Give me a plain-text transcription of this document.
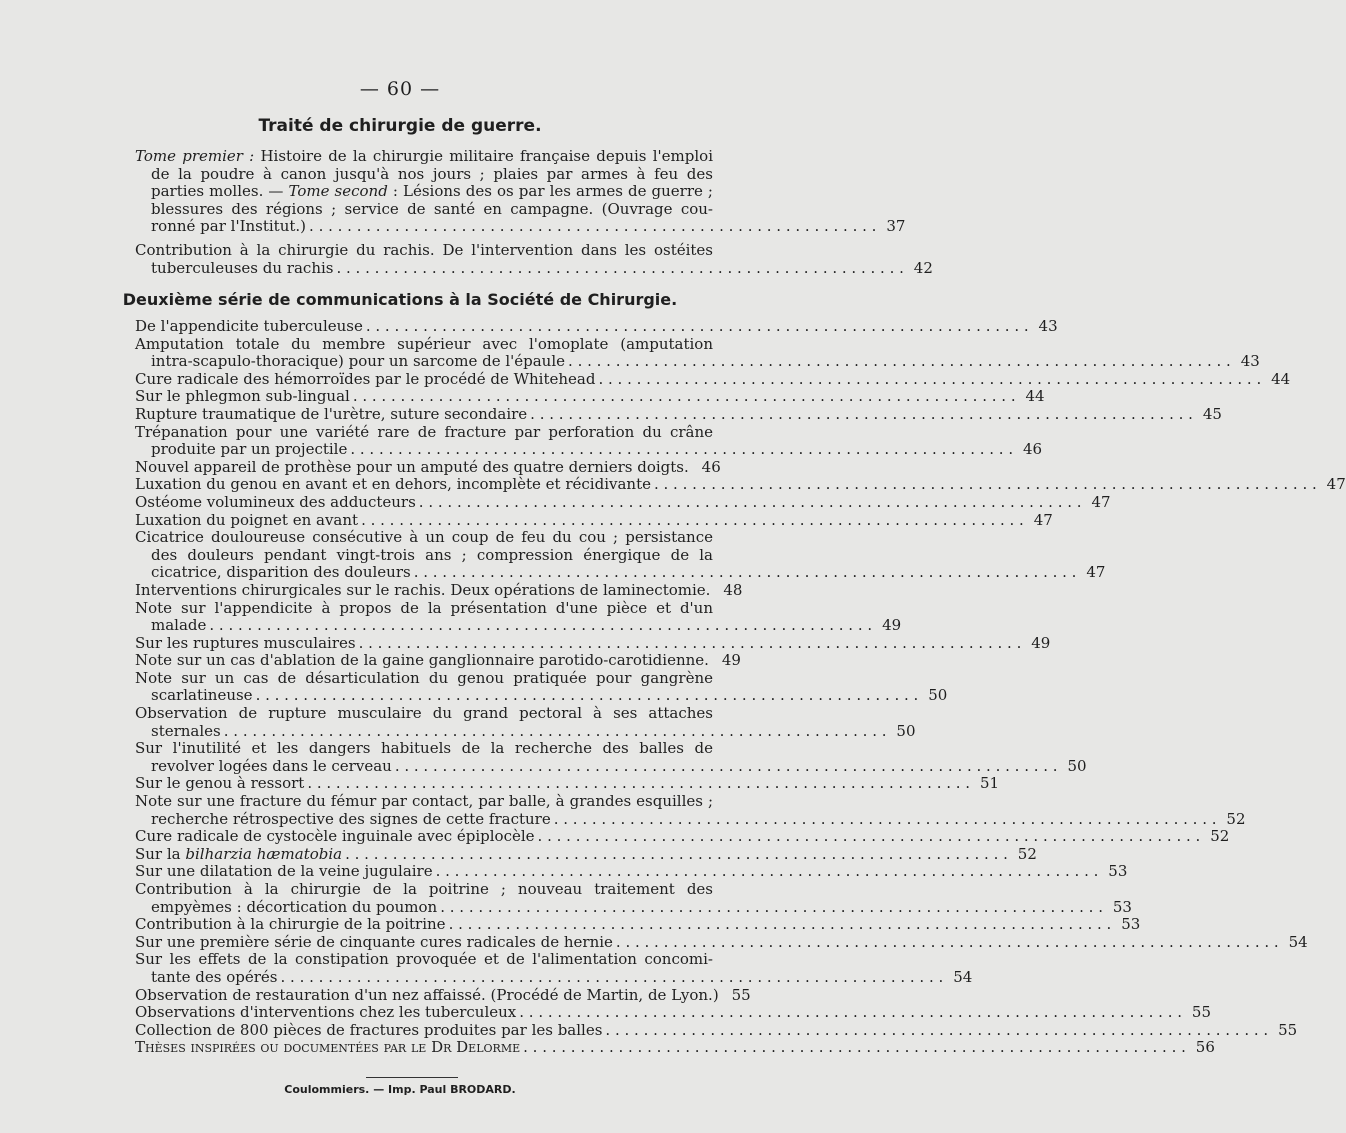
— 60 —
Traité de chirurgie de guerre.
Tome premier : Histoire de la chirurgie militaire française depuis l'emploi
de la poudre à canon jusqu'à nos jours ; plaies par armes à feu des
parties molles. — Tome second : Lésions des os par les armes de guerre ;
blessures des régions ; service de santé en campagne. (Ouvrage cou-
ronné par l'Institut.) . . . . . . . . . . . . . . . . . . . . . . . . . . . . . . . . . . . . . . . . . . . . . . . . . . . . . . . . . . . . 37
Contribution à la chirurgie du rachis. De l'intervention dans les ostéites
tuberculeuses du rachis . . . . . . . . . . . . . . . . . . . . . . . . . . . . . . . . . . . . . . . . . . . . . . . . . . . . . . . . . . . . 42
Deuxième série de communications à la Société de Chirurgie.
De l'appendicite tuberculeuse . . . . . . . . . . . . . . . . . . . . . . . . . . . . . . . . . . . . . . . . . . . . . . . . . . . . . . . . . . . . . . . . . . . . . . 43
Amputation totale du membre supérieur avec l'omoplate (amputation
intra-scapulo-thoracique) pour un sarcome de l'épaule . . . . . . . . . . . . . . . . . . . . . . . . . . . . . . . . . . . . . . . . . . . . . . . . . . . . . . . . . . . . . . . . . . . . . . 43
Cure radicale des hémorroïdes par le procédé de Whitehead . . . . . . . . . . . . . . . . . . . . . . . . . . . . . . . . . . . . . . . . . . . . . . . . . . . . . . . . . . . . . . . . . . . . . . 44
Sur le phlegmon sub-lingual . . . . . . . . . . . . . . . . . . . . . . . . . . . . . . . . . . . . . . . . . . . . . . . . . . . . . . . . . . . . . . . . . . . . . . 44
Rupture traumatique de l'urètre, suture secondaire . . . . . . . . . . . . . . . . . . . . . . . . . . . . . . . . . . . . . . . . . . . . . . . . . . . . . . . . . . . . . . . . . . . . . . 45
Trépanation pour une variété rare de fracture par perforation du crâne
produite par un projectile . . . . . . . . . . . . . . . . . . . . . . . . . . . . . . . . . . . . . . . . . . . . . . . . . . . . . . . . . . . . . . . . . . . . . . 46
Nouvel appareil de prothèse pour un amputé des quatre derniers doigts. 46
Luxation du genou en avant et en dehors, incomplète et récidivante . . . . . . . . . . . . . . . . . . . . . . . . . . . . . . . . . . . . . . . . . . . . . . . . . . . . . . . . . . . . . . . . . . . . . . 47
Ostéome volumineux des adducteurs . . . . . . . . . . . . . . . . . . . . . . . . . . . . . . . . . . . . . . . . . . . . . . . . . . . . . . . . . . . . . . . . . . . . . . 47
Luxation du poignet en avant . . . . . . . . . . . . . . . . . . . . . . . . . . . . . . . . . . . . . . . . . . . . . . . . . . . . . . . . . . . . . . . . . . . . . . 47
Cicatrice douloureuse consécutive à un coup de feu du cou ; persistance
des douleurs pendant vingt-trois ans ; compression énergique de la
cicatrice, disparition des douleurs . . . . . . . . . . . . . . . . . . . . . . . . . . . . . . . . . . . . . . . . . . . . . . . . . . . . . . . . . . . . . . . . . . . . . . 47
Interventions chirurgicales sur le rachis. Deux opérations de laminectomie. 48
Note sur l'appendicite à propos de la présentation d'une pièce et d'un
malade . . . . . . . . . . . . . . . . . . . . . . . . . . . . . . . . . . . . . . . . . . . . . . . . . . . . . . . . . . . . . . . . . . . . . . 49
Sur les ruptures musculaires . . . . . . . . . . . . . . . . . . . . . . . . . . . . . . . . . . . . . . . . . . . . . . . . . . . . . . . . . . . . . . . . . . . . . . 49
Note sur un cas d'ablation de la gaine ganglionnaire parotido-carotidienne. 49
Note sur un cas de désarticulation du genou pratiquée pour gangrène
scarlatineuse . . . . . . . . . . . . . . . . . . . . . . . . . . . . . . . . . . . . . . . . . . . . . . . . . . . . . . . . . . . . . . . . . . . . . . 50
Observation de rupture musculaire du grand pectoral à ses attaches
sternales . . . . . . . . . . . . . . . . . . . . . . . . . . . . . . . . . . . . . . . . . . . . . . . . . . . . . . . . . . . . . . . . . . . . . . 50
Sur l'inutilité et les dangers habituels de la recherche des balles de
revolver logées dans le cerveau . . . . . . . . . . . . . . . . . . . . . . . . . . . . . . . . . . . . . . . . . . . . . . . . . . . . . . . . . . . . . . . . . . . . . . 50
Sur le genou à ressort . . . . . . . . . . . . . . . . . . . . . . . . . . . . . . . . . . . . . . . . . . . . . . . . . . . . . . . . . . . . . . . . . . . . . . 51
Note sur une fracture du fémur par contact, par balle, à grandes esquilles ;
recherche rétrospective des signes de cette fracture . . . . . . . . . . . . . . . . . . . . . . . . . . . . . . . . . . . . . . . . . . . . . . . . . . . . . . . . . . . . . . . . . . . . . . 52
Cure radicale de cystocèle inguinale avec épiplocèle . . . . . . . . . . . . . . . . . . . . . . . . . . . . . . . . . . . . . . . . . . . . . . . . . . . . . . . . . . . . . . . . . . . . . . 52
Sur la bilharzia hæmatobia . . . . . . . . . . . . . . . . . . . . . . . . . . . . . . . . . . . . . . . . . . . . . . . . . . . . . . . . . . . . . . . . . . . . . . 52
Sur une dilatation de la veine jugulaire . . . . . . . . . . . . . . . . . . . . . . . . . . . . . . . . . . . . . . . . . . . . . . . . . . . . . . . . . . . . . . . . . . . . . . 53
Contribution à la chirurgie de la poitrine ; nouveau traitement des
empyèmes : décortication du poumon . . . . . . . . . . . . . . . . . . . . . . . . . . . . . . . . . . . . . . . . . . . . . . . . . . . . . . . . . . . . . . . . . . . . . . 53
Contribution à la chirurgie de la poitrine . . . . . . . . . . . . . . . . . . . . . . . . . . . . . . . . . . . . . . . . . . . . . . . . . . . . . . . . . . . . . . . . . . . . . . 53
Sur une première série de cinquante cures radicales de hernie . . . . . . . . . . . . . . . . . . . . . . . . . . . . . . . . . . . . . . . . . . . . . . . . . . . . . . . . . . . . . . . . . . . . . . 54
Sur les effets de la constipation provoquée et de l'alimentation concomi-
tante des opérés . . . . . . . . . . . . . . . . . . . . . . . . . . . . . . . . . . . . . . . . . . . . . . . . . . . . . . . . . . . . . . . . . . . . . . 54
Observation de restauration d'un nez affaissé. (Procédé de Martin, de Lyon.) 55
Observations d'interventions chez les tuberculeux . . . . . . . . . . . . . . . . . . . . . . . . . . . . . . . . . . . . . . . . . . . . . . . . . . . . . . . . . . . . . . . . . . . . . . 55
Collection de 800 pièces de fractures produites par les balles . . . . . . . . . . . . . . . . . . . . . . . . . . . . . . . . . . . . . . . . . . . . . . . . . . . . . . . . . . . . . . . . . . . . . . 55
Thèses inspirées ou documentées par le Dr Delorme . . . . . . . . . . . . . . . . . . . . . . . . . . . . . . . . . . . . . . . . . . . . . . . . . . . . . . . . . . . . . . . . . . . . . . 56
Coulommiers. — Imp. Paul BRODARD.
